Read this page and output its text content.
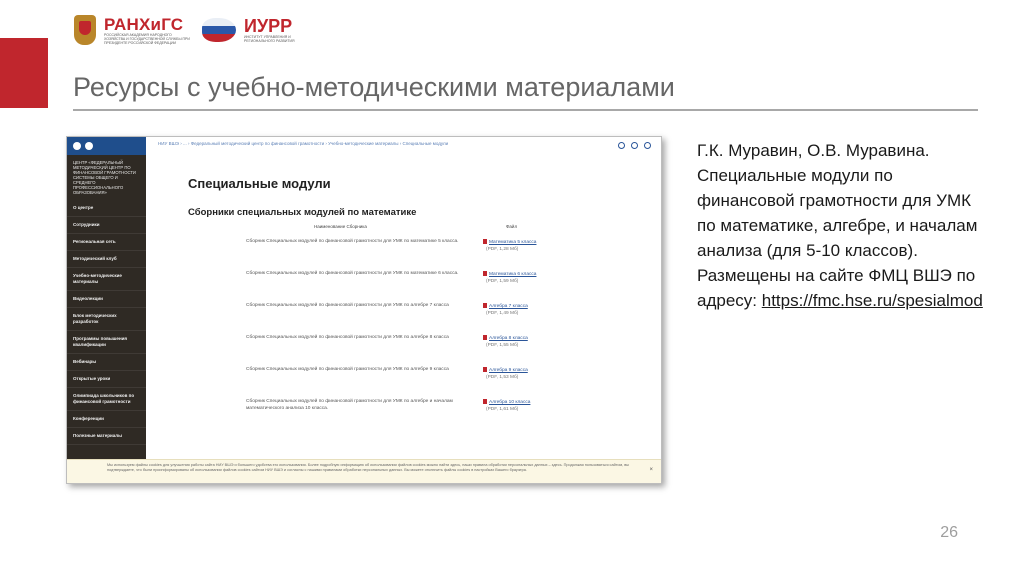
РАНХиГС
РОССИЙСКАЯ АКАДЕМИЯ НАРОДНОГО ХОЗЯЙСТВА И ГОСУДАРСТВЕННОЙ СЛУЖБЫ ПРИ ПРЕЗИДЕНТЕ РОССИЙСКОЙ ФЕДЕРАЦИИ
ИУРР
ИНСТИТУТ УПРАВЛЕНИЯ И РЕГИОНАЛЬНОГО РАЗВИТИЯ
Ресурсы с учебно-методическими материалами
ЦЕНТР «ФЕДЕРАЛЬНЫЙ МЕТОДИЧЕСКИЙ ЦЕНТР ПО ФИНАНСОВОЙ ГРАМОТНОСТИ СИСТЕМЫ ОБЩЕГО И СРЕДНЕГО ПРОФЕССИОНАЛЬНОГО ОБРАЗОВАНИЯ»
О центре
Сотрудники
Региональная сеть
Методический клуб
Учебно-методические материалы
Видеолекции
Блок методических разработок
Программы повышения квалификации
Вебинары
Открытые уроки
Олимпиада школьников по финансовой грамотности
Конференции
Полезные материалы
НИУ ВШЭ › ... › Федеральный методический центр по финансовой грамотности › Учебно-методические материалы › Специальные модули
Специальные модули
Сборники специальных модулей по математике
Наименование Сборника	Файл
Сборник Специальных модулей по финансовой грамотности для УМК по математике 5 класса.	Математика 5 класса
(PDF, 1,28 Мб)
Сборник Специальных модулей по финансовой грамотности для УМК по математике 6 класса.	Математика 6 класса
(PDF, 1,59 Мб)
Сборник Специальных модулей по финансовой грамотности для УМК по алгебре 7 класса	Алгебра 7 класса
(PDF, 1,49 Мб)
Сборник Специальных модулей по финансовой грамотности для УМК по алгебре 8 класса	Алгебра 8 класса
(PDF, 1,55 Мб)
Сборник Специальных модулей по финансовой грамотности для УМК по алгебре 9 класса	Алгебра 9 класса
(PDF, 1,53 Мб)
Сборник Специальных модулей по финансовой грамотности для УМК по алгебре и началам математического анализа 10 класса.
Алгебра 10 класса
(PDF, 1,61 Мб)
Мы используем файлы cookies для улучшения работы сайта НИУ ВШЭ и большего удобства его использования. Более подробную информацию об использовании файлов cookies можно найти здесь, наши правила обработки персональных данных – здесь. Продолжая пользоваться сайтом, вы подтверждаете, что были проинформированы об использовании файлов cookies сайтом НИУ ВШЭ и согласны с нашими правилами обработки персональных данных. Вы можете отключить файлы cookies в настройках Вашего браузера.	×
Г.К. Муравин, О.В. Муравина.
Специальные модули по финансовой грамотности для УМК по математике, алгебре, и началам анализа (для 5-10 классов).
Размещены на сайте ФМЦ ВШЭ по адресу: https://fmc.hse.ru/spesialmod
26
